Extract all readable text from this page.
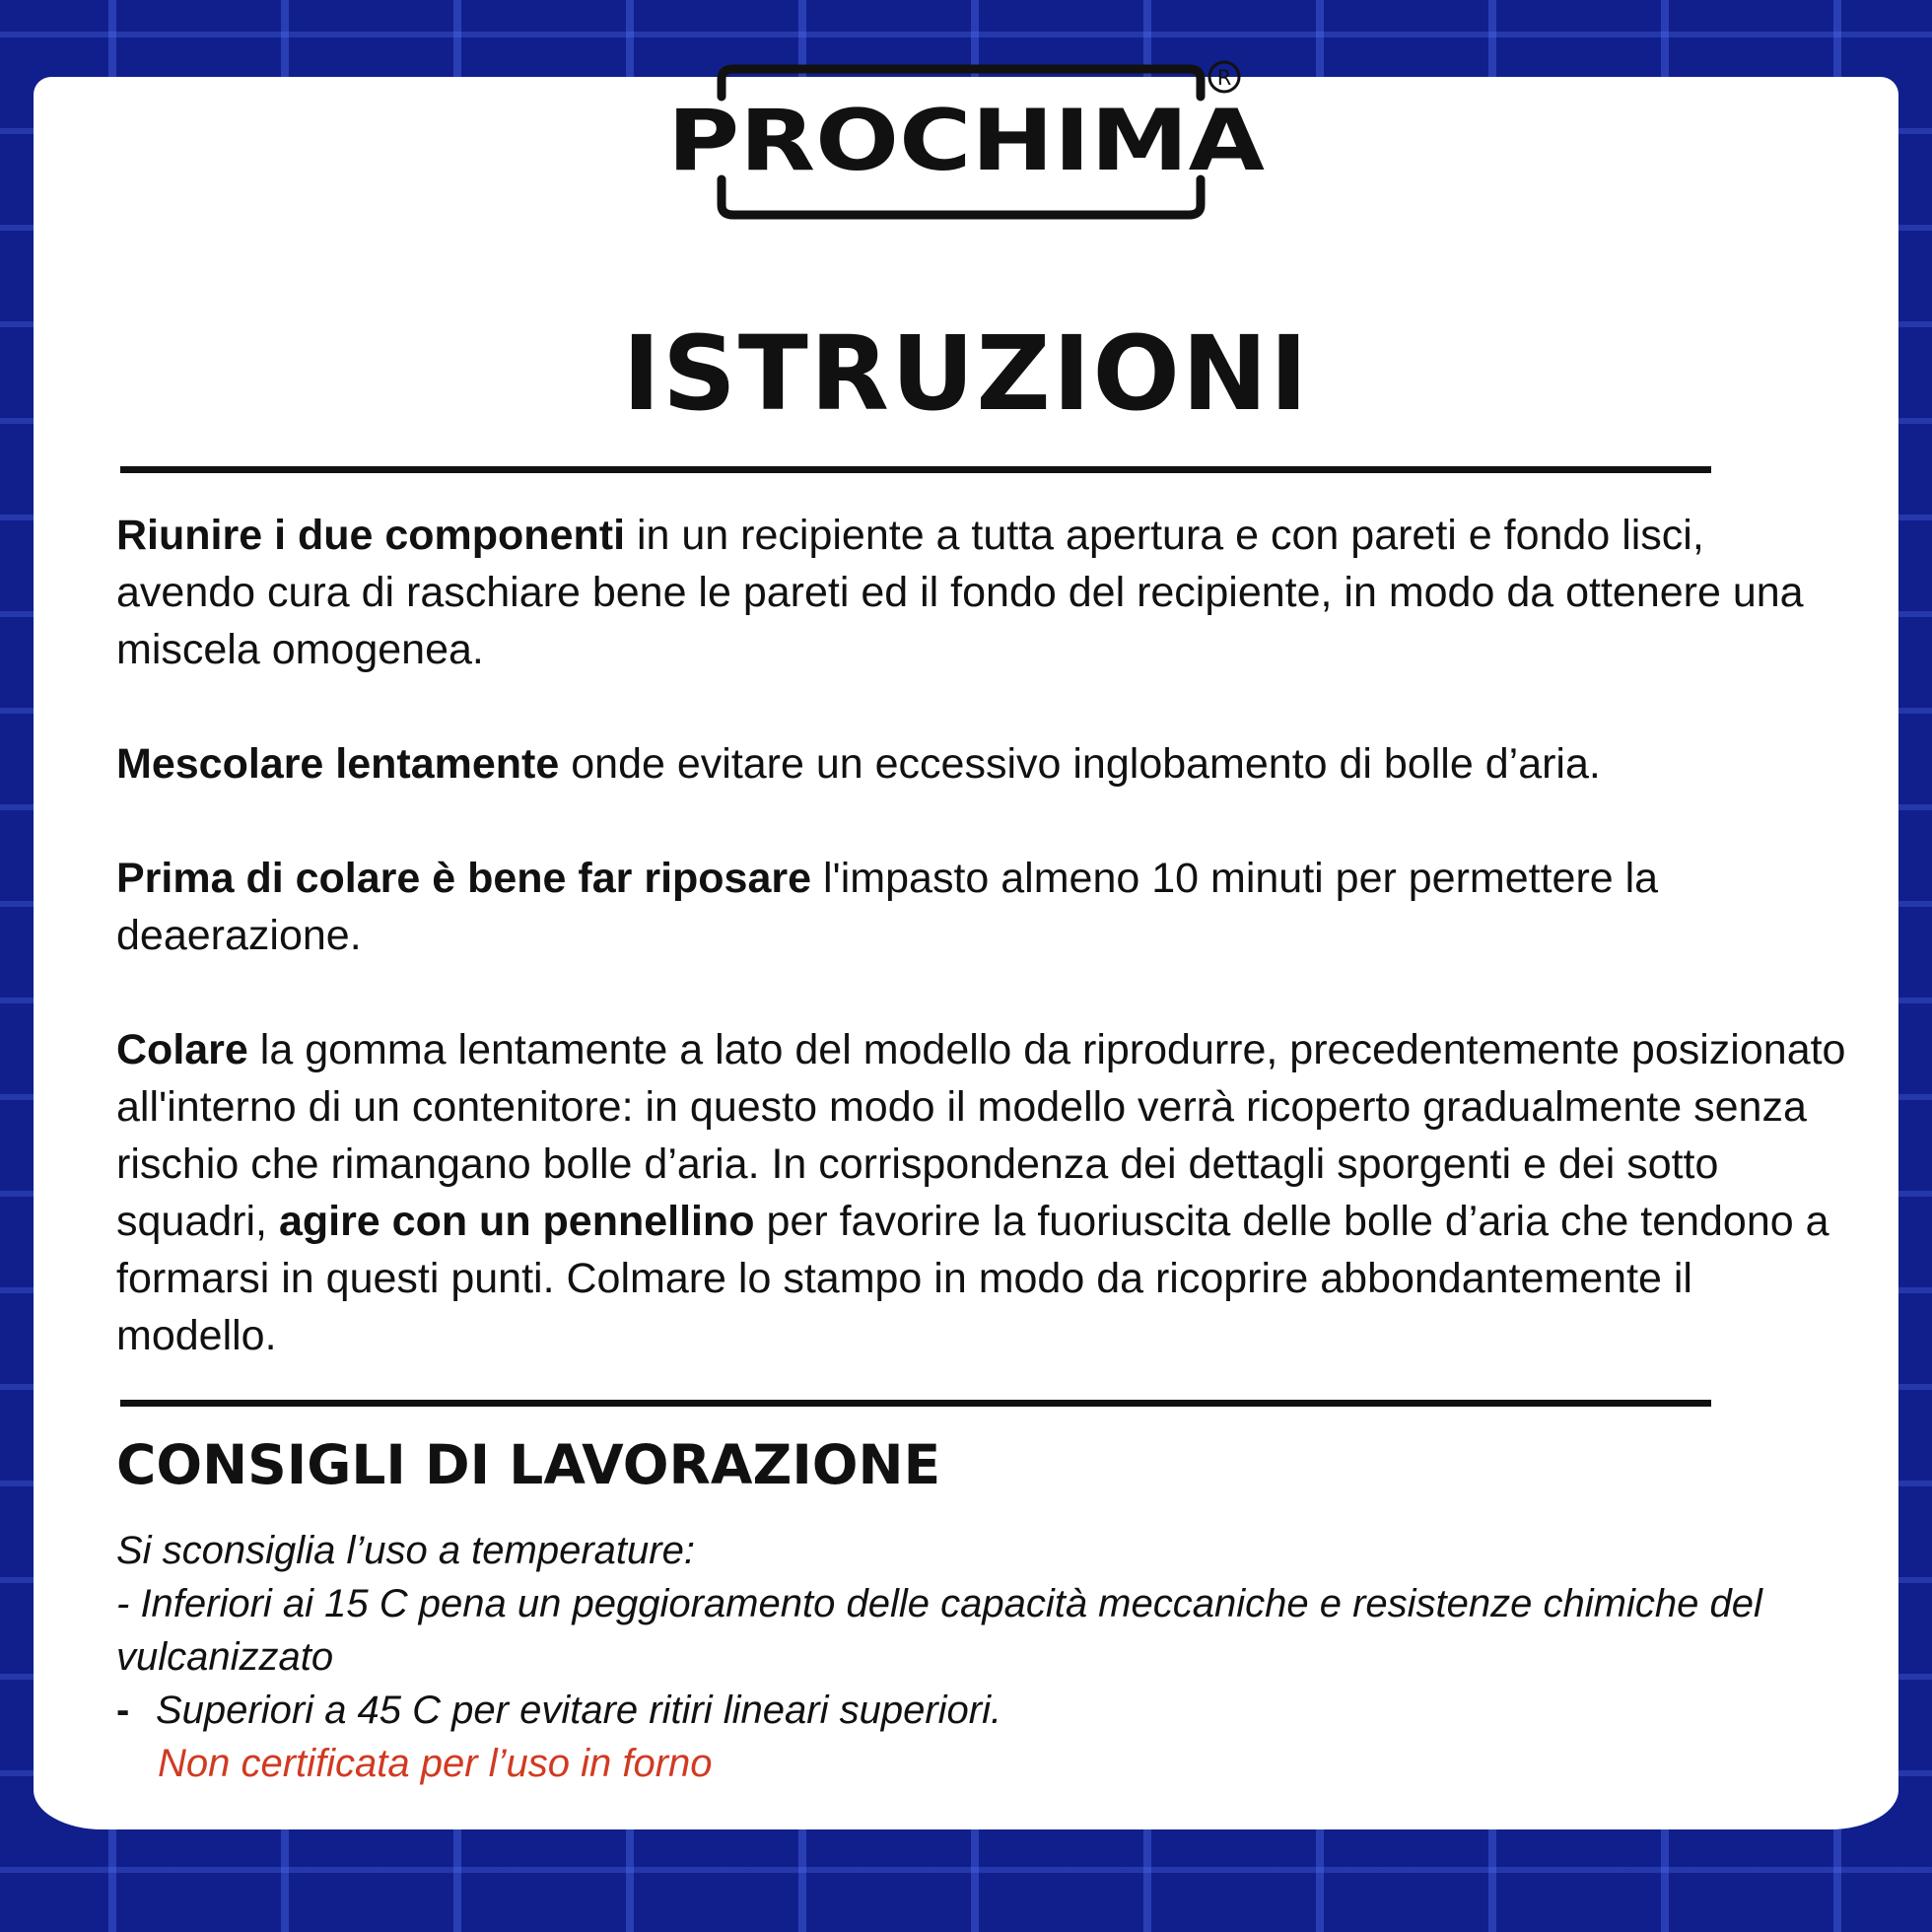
PROCHIMA
R
ISTRUZIONI

Riunire i due componenti in un recipiente a tutta apertura e con pareti e fondo lisci, avendo cura di raschiare bene le pareti ed il fondo del recipiente, in modo da ottenere una miscela omogenea.

Mescolare lentamente onde evitare un eccessivo inglobamento di bolle d’aria.

Prima di colare è bene far riposare l'impasto almeno 10 minuti per permettere la deaerazione.

Colare la gomma lentamente a lato del modello da riprodurre, precedentemente posizionato all'interno di un contenitore: in questo modo il modello verrà ricoperto gradualmente senza rischio che rimangano bolle d’aria. In corrispondenza dei dettagli sporgenti e dei sotto squadri, agire con un pennellino per favorire la fuoriuscita delle bolle d’aria che tendono a formarsi in questi punti. Colmare lo stampo in modo da ricoprire abbondantemente il modello.

CONSIGLI DI LAVORAZIONE
Si sconsiglia l’uso a temperature:
- Inferiori ai 15 C pena un peggioramento delle capacità meccaniche e resistenze chimiche del vulcanizzato
- Superiori a 45 C per evitare ritiri lineari superiori.
Non certificata per l’uso in forno
